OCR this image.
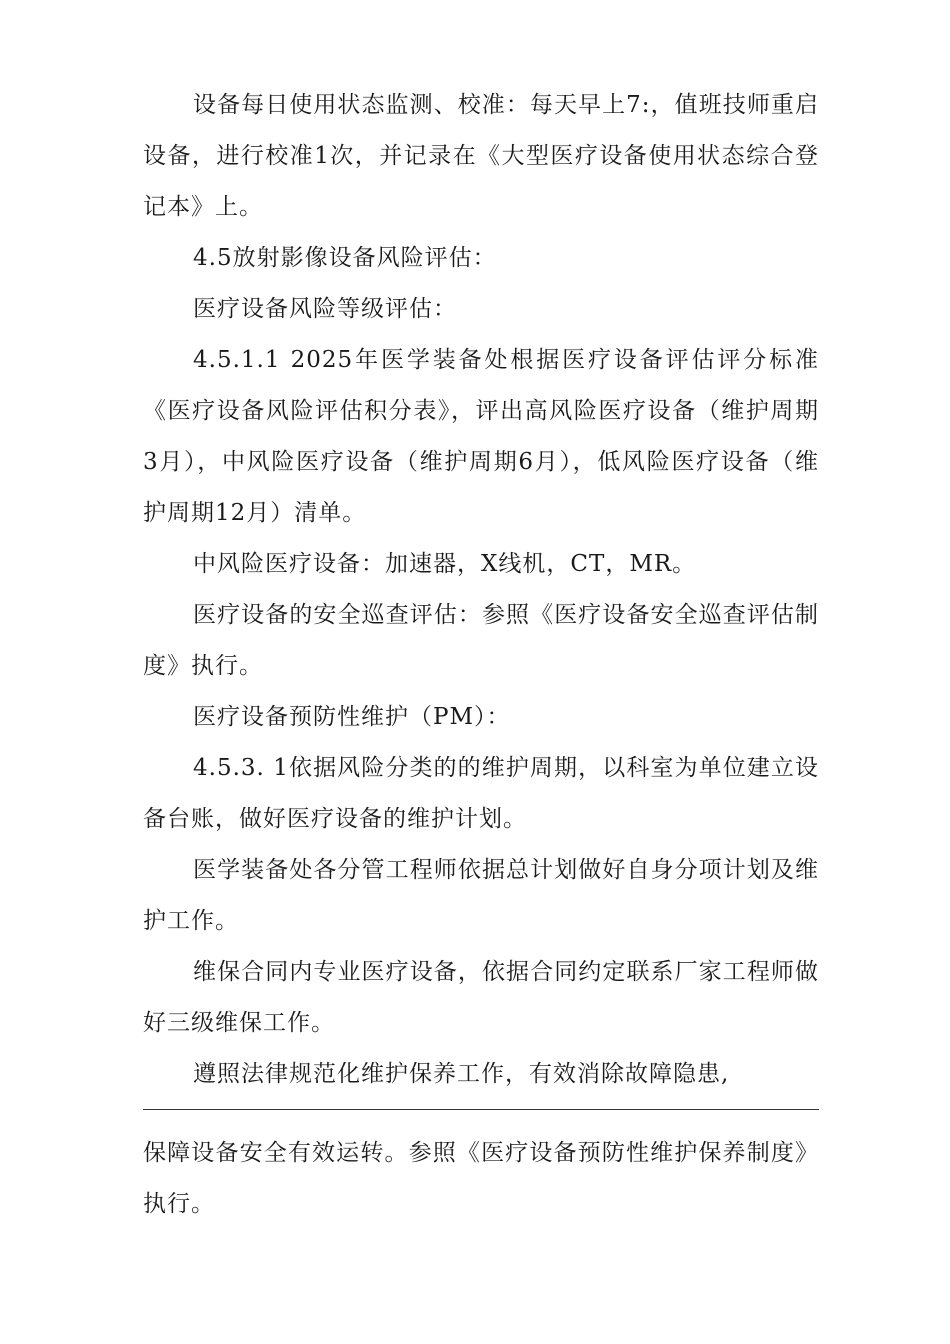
设备每日使用状态监测、校准：每天早上7:，值班技师重启设备，进行校准1次，并记录在《大型医疗设备使用状态综合登记本》上。

4.5放射影像设备风险评估：

医疗设备风险等级评估：

4.5.1.1 2025年医学装备处根据医疗设备评估评分标准《医疗设备风险评估积分表》，评出高风险医疗设备（维护周期3月），中风险医疗设备（维护周期6月），低风险医疗设备（维护周期12月）清单。

中风险医疗设备：加速器，X线机，CT，MR。

医疗设备的安全巡查评估：参照《医疗设备安全巡查评估制度》执行。

医疗设备预防性维护（PM）：

4.5.3. 1依据风险分类的的维护周期，以科室为单位建立设备台账，做好医疗设备的维护计划。

医学装备处各分管工程师依据总计划做好自身分项计划及维护工作。

维保合同内专业医疗设备，依据合同约定联系厂家工程师做好三级维保工作。

遵照法律规范化维护保养工作，有效消除故障隐患,

保障设备安全有效运转。参照《医疗设备预防性维护保养制度》执行。
